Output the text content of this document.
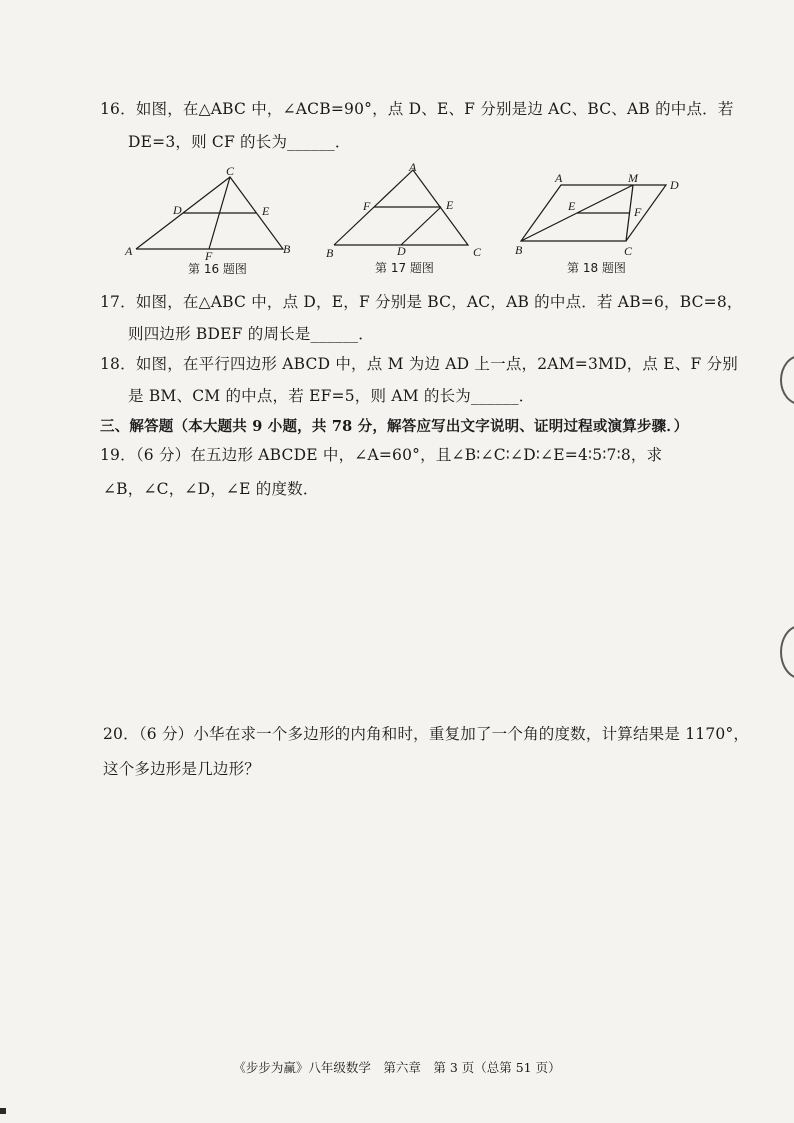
16．如图，在△ABC 中，∠ACB=90°，点 D、E、F 分别是边 AC、BC、AB 的中点．若
DE=3，则 CF 的长为______．
C
D	E
A	B
F
第 16 题图
A
F	E
B	D	C
第 17 题图
A	M	D
E	F
B	C
第 18 题图
17．如图，在△ABC 中，点 D，E，F 分别是 BC，AC，AB 的中点．若 AB=6，BC=8，
则四边形 BDEF 的周长是______．
18．如图，在平行四边形 ABCD 中，点 M 为边 AD 上一点，2AM=3MD，点 E、F 分别
是 BM、CM 的中点，若 EF=5，则 AM 的长为______．
三、解答题（本大题共 9 小题，共 78 分，解答应写出文字说明、证明过程或演算步骤．）
19．（6 分）在五边形 ABCDE 中，∠A=60°，且∠B∶∠C∶∠D∶∠E=4∶5∶7∶8，求
∠B，∠C，∠D，∠E 的度数．
20．（6 分）小华在求一个多边形的内角和时，重复加了一个角的度数，计算结果是 1170°，
这个多边形是几边形？
《步步为赢》八年级数学　第六章　第 3 页（总第 51 页）
